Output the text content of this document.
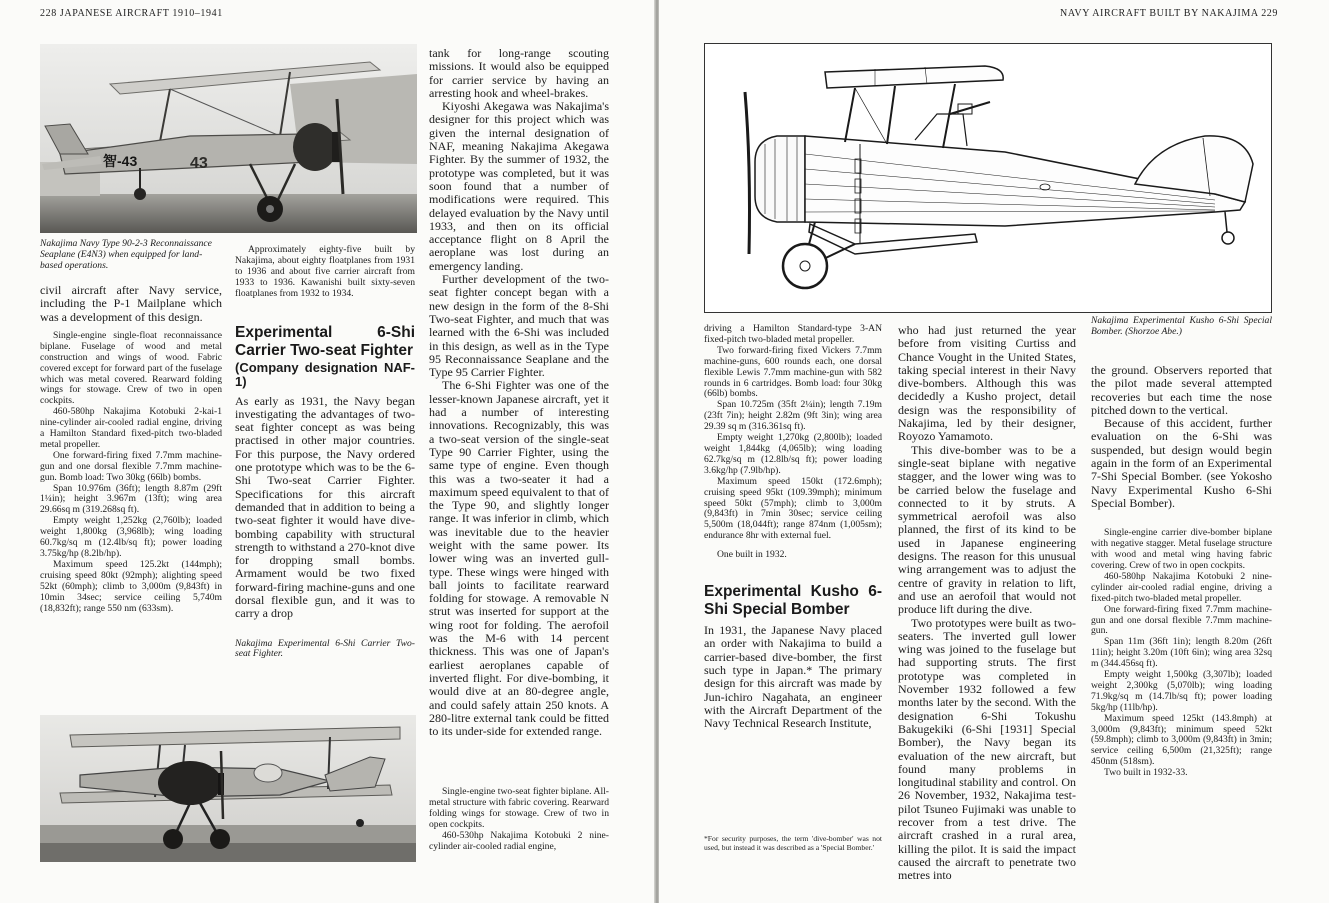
228 JAPANESE AIRCRAFT 1910–1941
智-43	43
Nakajima Navy Type 90-2-3 Reconnaissance Seaplane (E4N3) when equipped for land-based operations.

civil aircraft after Navy service, including the P-1 Mailplane which was a development of this design.

Single-engine single-float reconnaissance biplane. Fuselage of wood and metal construction and wings of wood. Fabric covered except for forward part of the fuselage which was metal covered. Rearward folding wings for stowage. Crew of two in open cockpits.

460-580hp Nakajima Kotobuki 2-kai-1 nine-cylinder air-cooled radial engine, driving a Hamilton Standard fixed-pitch two-bladed metal propeller.

One forward-firing fixed 7.7mm machine-gun and one dorsal flexible 7.7mm machine-gun. Bomb load: Two 30kg (66lb) bombs.

Span 10.976m (36ft); length 8.87m (29ft 1¼in); height 3.967m (13ft); wing area 29.66sq m (319.268sq ft).

Empty weight 1,252kg (2,760lb); loaded weight 1,800kg (3,968lb); wing loading 60.7kg/sq m (12.4lb/sq ft); power loading 3.75kg/hp (8.2lb/hp).

Maximum speed 125.2kt (144mph); cruising speed 80kt (92mph); alighting speed 52kt (60mph); climb to 3,000m (9,843ft) in 10min 34sec; service ceiling 5,740m (18,832ft); range 550 nm (633sm).

Approximately eighty-five built by Nakajima, about eighty floatplanes from 1931 to 1936 and about five carrier aircraft from 1933 to 1936. Kawanishi built sixty-seven floatplanes from 1932 to 1934.

Experimental 6-Shi Carrier Two-seat Fighter
(Company designation NAF-1)

As early as 1931, the Navy began investigating the advantages of two-seat fighter concept as was being practised in other major countries. For this purpose, the Navy ordered one prototype which was to be the 6-Shi Two-seat Carrier Fighter. Specifications for this aircraft demanded that in addition to being a two-seat fighter it would have dive-bombing capability with structural strength to withstand a 270-knot dive for dropping small bombs. Armament would be two fixed forward-firing machine-guns and one dorsal flexible gun, and it was to carry a drop

Nakajima Experimental 6-Shi Carrier Two-seat Fighter.

tank for long-range scouting missions. It would also be equipped for carrier service by having an arresting hook and wheel-brakes.

Kiyoshi Akegawa was Nakajima's designer for this project which was given the internal designation of NAF, meaning Nakajima Akegawa Fighter. By the summer of 1932, the prototype was completed, but it was soon found that a number of modifications were required. This delayed evaluation by the Navy until 1933, and then on its official acceptance flight on 8 April the aeroplane was lost during an emergency landing.

Further development of the two-seat fighter concept began with a new design in the form of the 8-Shi Two-seat Fighter, and much that was learned with the 6-Shi was included in this design, as well as in the Type 95 Reconnaissance Seaplane and the Type 95 Carrier Fighter.

The 6-Shi Fighter was one of the lesser-known Japanese aircraft, yet it had a number of interesting innovations. Recognizably, this was a two-seat version of the single-seat Type 90 Carrier Fighter, using the same type of engine. Even though this was a two-seater it had a maximum speed equivalent to that of the Type 90, and slightly longer range. It was inferior in climb, which was inevitable due to the heavier weight with the same power. Its lower wing was an inverted gull-type. These wings were hinged with ball joints to facilitate rearward folding for stowage. A removable N strut was inserted for support at the wing root for folding. The aerofoil was the M-6 with 14 percent thickness. This was one of Japan's earliest aeroplanes capable of inverted flight. For dive-bombing, it would dive at an 80-degree angle, and could safely attain 250 knots. A 280-litre external tank could be fitted to its under-side for extended range.

Single-engine two-seat fighter biplane. All-metal structure with fabric covering. Rearward folding wings for stowage. Crew of two in open cockpits.

460-530hp Nakajima Kotobuki 2 nine-cylinder air-cooled radial engine,

NAVY AIRCRAFT BUILT BY NAKAJIMA 229
Nakajima Experimental Kusho 6-Shi Special Bomber. (Shorzoe Abe.)

driving a Hamilton Standard-type 3-AN fixed-pitch two-bladed metal propeller.

Two forward-firing fixed Vickers 7.7mm machine-guns, 600 rounds each, one dorsal flexible Lewis 7.7mm machine-gun with 582 rounds in 6 cartridges. Bomb load: four 30kg (66lb) bombs.

Span 10.725m (35ft 2¼in); length 7.19m (23ft 7in); height 2.82m (9ft 3in); wing area 29.39 sq m (316.361sq ft).

Empty weight 1,270kg (2,800lb); loaded weight 1,844kg (4,065lb); wing loading 62.7kg/sq m (12.8lb/sq ft); power loading 3.6kg/hp (7.9lb/hp).

Maximum speed 150kt (172.6mph); cruising speed 95kt (109.39mph); minimum speed 50kt (57mph); climb to 3,000m (9,843ft) in 7min 30sec; service ceiling 5,500m (18,044ft); range 874nm (1,005sm); endurance 8hr with external fuel.

One built in 1932.

Experimental Kusho 6-Shi Special Bomber

In 1931, the Japanese Navy placed an order with Nakajima to build a carrier-based dive-bomber, the first such type in Japan.* The primary design for this aircraft was made by Jun-ichiro Nagahata, an engineer with the Aircraft Department of the Navy Technical Research Institute,

*For security purposes, the term 'dive-bomber' was not used, but instead it was described as a 'Special Bomber.'

who had just returned the year before from visiting Curtiss and Chance Vought in the United States, taking special interest in their Navy dive-bombers. Although this was decidedly a Kusho project, detail design was the responsibility of Nakajima, led by their designer, Royozo Yamamoto.

This dive-bomber was to be a single-seat biplane with negative stagger, and the lower wing was to be carried below the fuselage and connected to it by struts. A symmetrical aerofoil was also planned, the first of its kind to be used in Japanese engineering designs. The reason for this unusual wing arrangement was to adjust the centre of gravity in relation to lift, and use an aerofoil that would not produce lift during the dive.

Two prototypes were built as two-seaters. The inverted gull lower wing was joined to the fuselage but had supporting struts. The first prototype was completed in November 1932 followed a few months later by the second. With the designation 6-Shi Tokushu Bakugekiki (6-Shi [1931] Special Bomber), the Navy began its evaluation of the new aircraft, but found many problems in longitudinal stability and control. On 26 November, 1932, Nakajima test-pilot Tsuneo Fujimaki was unable to recover from a test drive. The aircraft crashed in a rural area, killing the pilot. It is said the impact caused the aircraft to penetrate two metres into

the ground. Observers reported that the pilot made several attempted recoveries but each time the nose pitched down to the vertical.

Because of this accident, further evaluation on the 6-Shi was suspended, but design would begin again in the form of an Experimental 7-Shi Special Bomber. (see Yokosho Navy Experimental Kusho 6-Shi Special Bomber).

Single-engine carrier dive-bomber biplane with negative stagger. Metal fuselage structure with wood and metal wing having fabric covering. Crew of two in open cockpits.

460-580hp Nakajima Kotobuki 2 nine-cylinder air-cooled radial engine, driving a fixed-pitch two-bladed metal propeller.

One forward-firing fixed 7.7mm machine-gun and one dorsal flexible 7.7mm machine-gun.

Span 11m (36ft 1in); length 8.20m (26ft 11in); height 3.20m (10ft 6in); wing area 32sq m (344.456sq ft).

Empty weight 1,500kg (3,307lb); loaded weight 2,300kg (5,070lb); wing loading 71.9kg/sq m (14.7lb/sq ft); power loading 5kg/hp (11lb/hp).

Maximum speed 125kt (143.8mph) at 3,000m (9,843ft); minimum speed 52kt (59.8mph); climb to 3,000m (9,843ft) in 3min; service ceiling 6,500m (21,325ft); range 450nm (518sm).

Two built in 1932-33.
